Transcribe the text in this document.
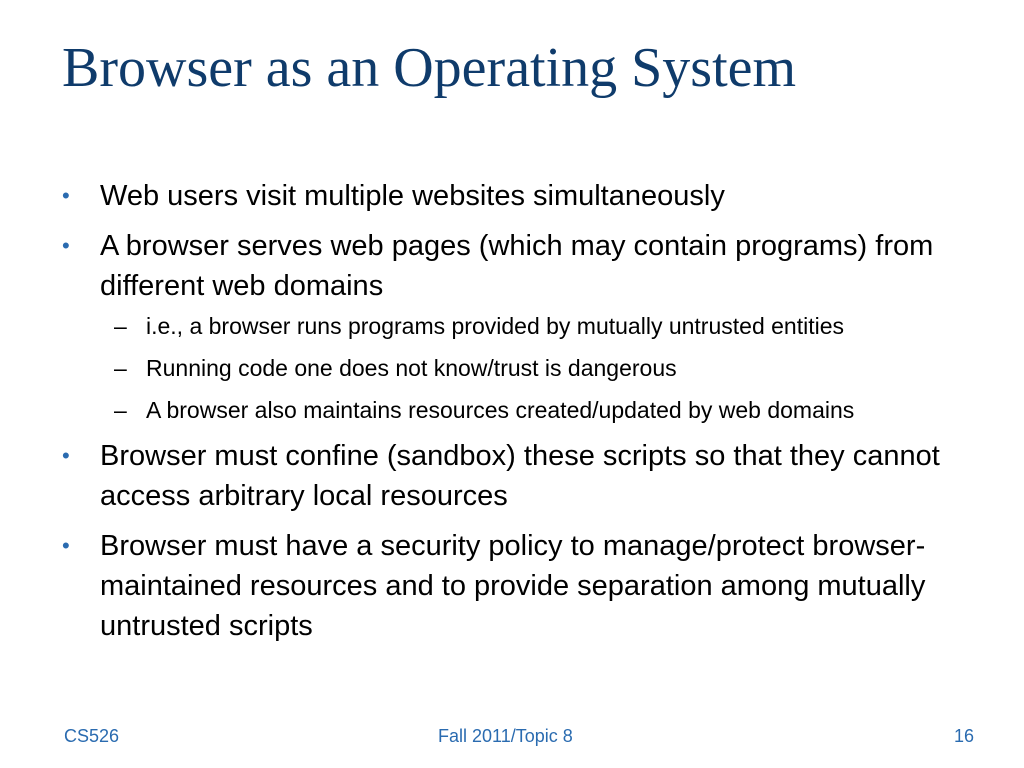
Browser as an Operating System
•	Web users visit multiple websites simultaneously
•	A browser serves web pages (which may contain programs) from different web domains
– i.e., a browser runs programs provided by mutually untrusted entities
– Running code one does not know/trust is dangerous
– A browser also maintains resources created/updated by web domains
•	Browser must confine (sandbox) these scripts so that they cannot access arbitrary local resources
•	Browser must have a security policy to manage/protect browser-maintained resources and to provide separation among mutually untrusted scripts
CS526	Fall 2011/Topic 8	16
